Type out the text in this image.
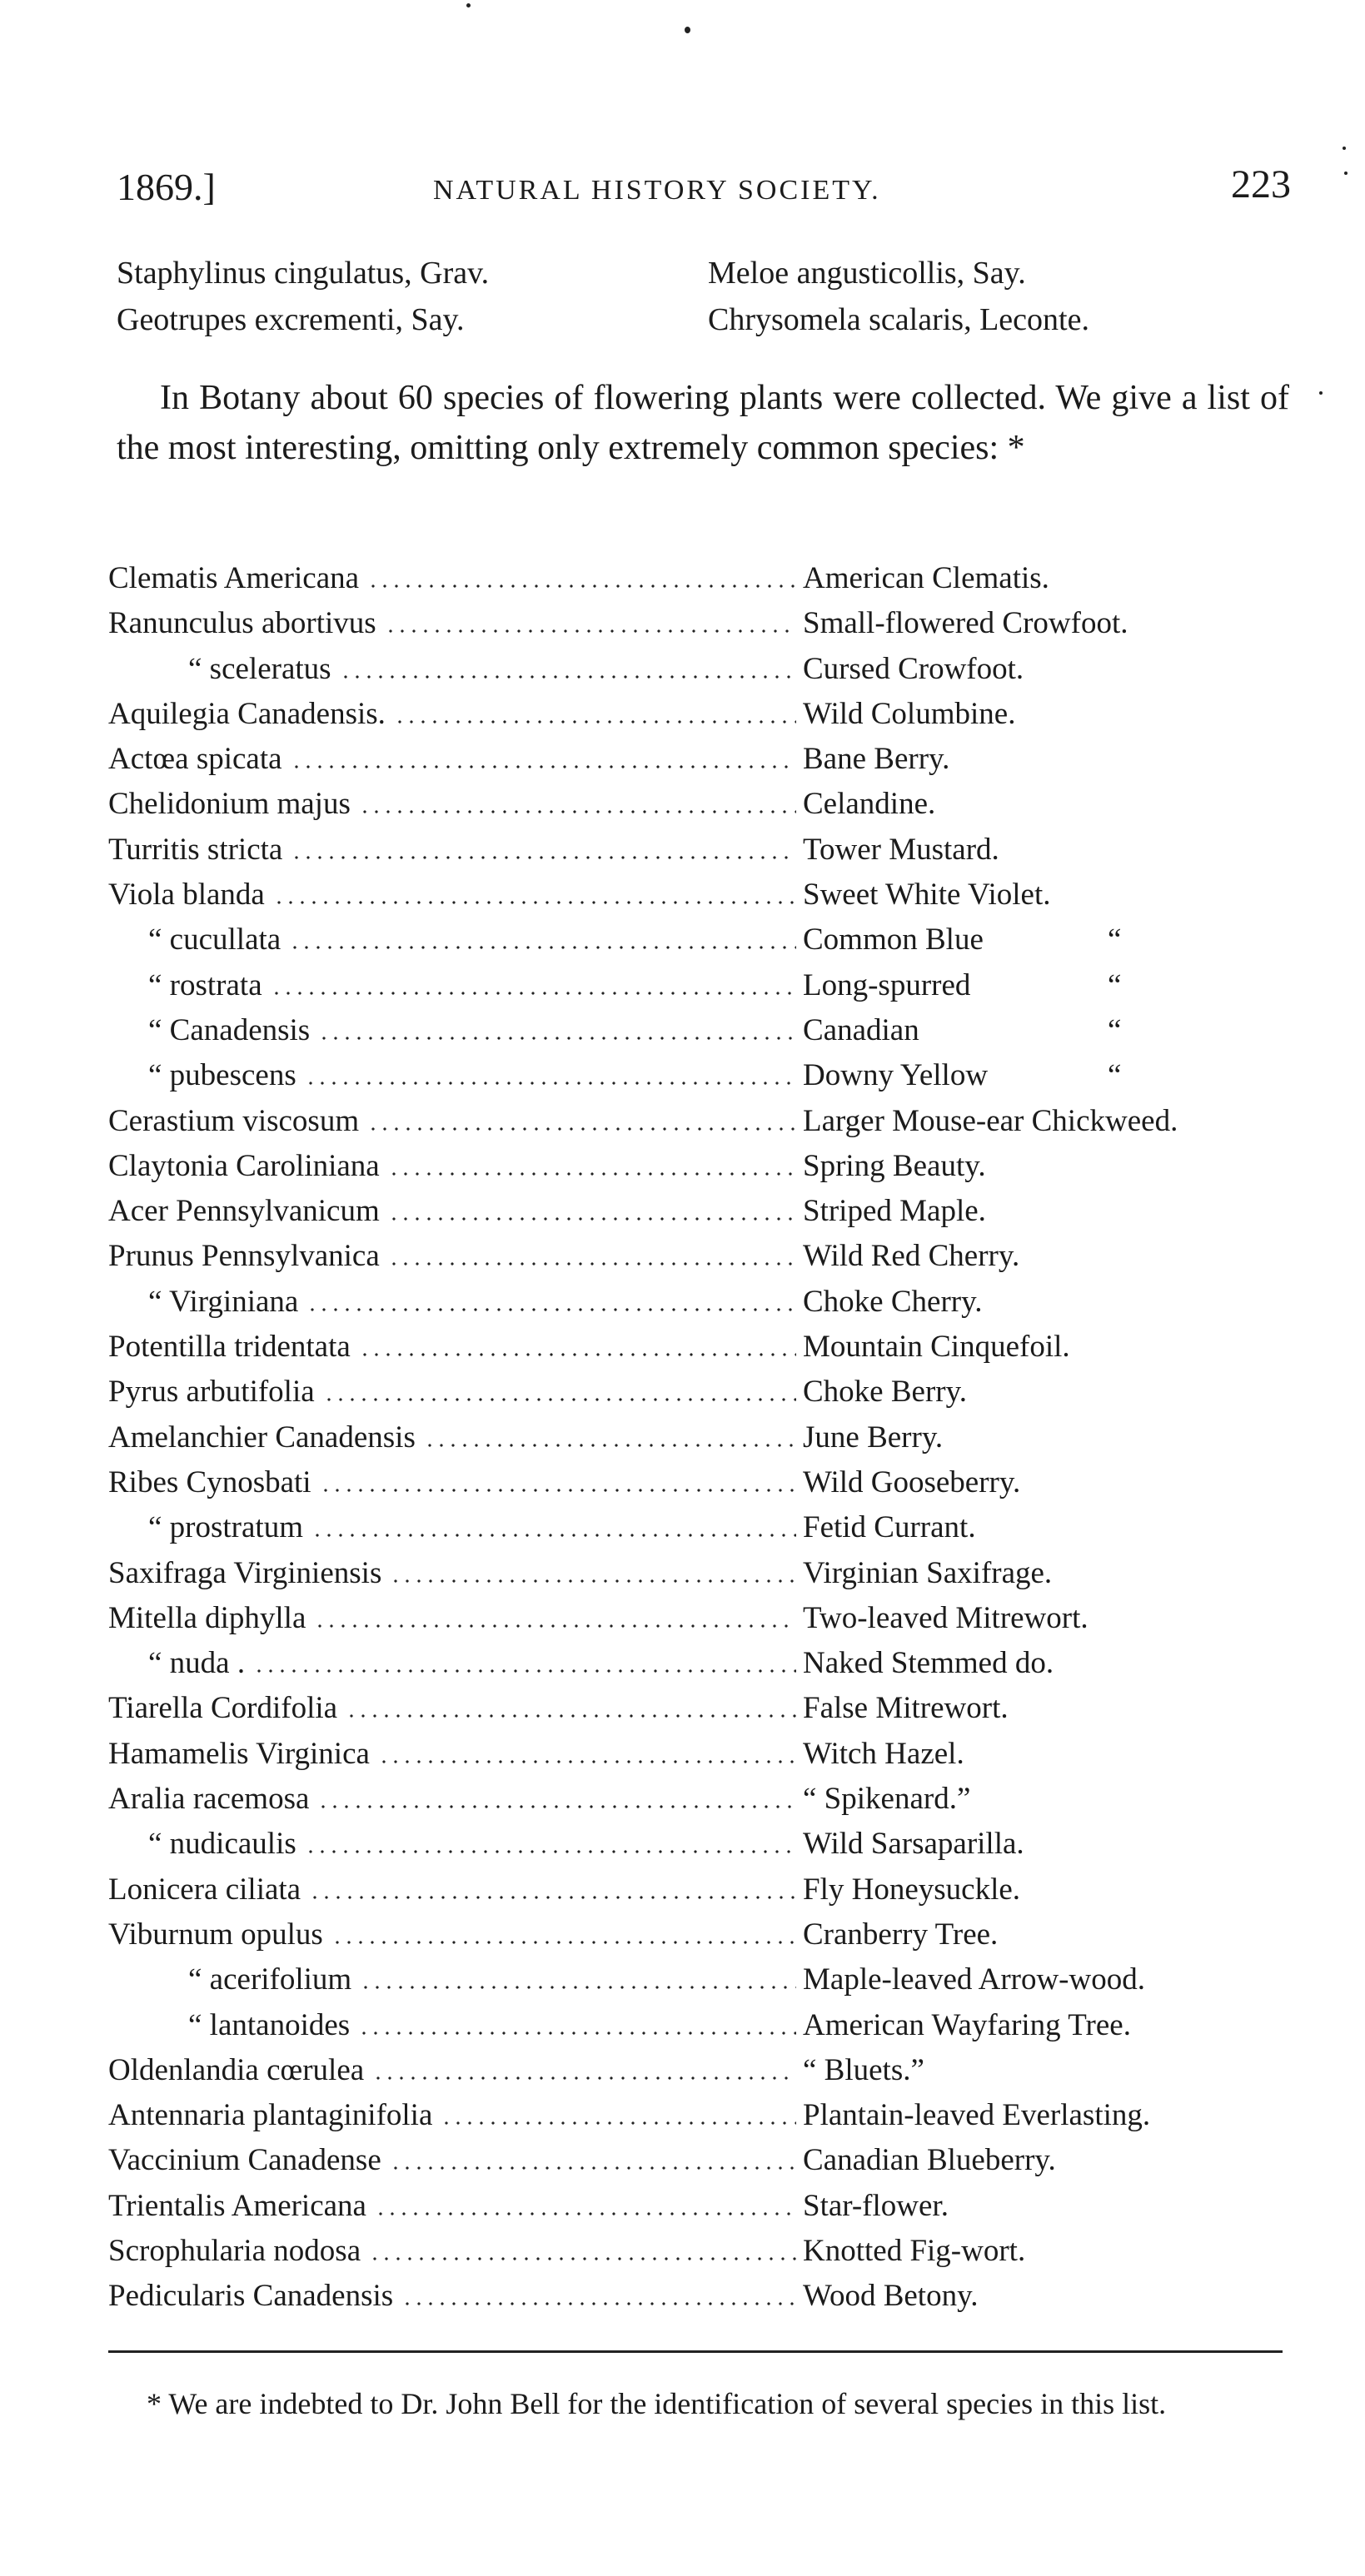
1869.]	NATURAL HISTORY SOCIETY.	223
Staphylinus cingulatus, Grav.	Meloe angusticollis, Say.
Geotrupes excrementi, Say.	Chrysomela scalaris, Leconte.
In Botany about 60 species of flowering plants were collected. We give a list of the most interesting, omitting only extremely common species: *
Clematis Americana	American Clematis.
Ranunculus abortivus	Small-flowered Crowfoot.
“ sceleratus	Cursed Crowfoot.
Aquilegia Canadensis.	Wild Columbine.
Actœa spicata	Bane Berry.
Chelidonium majus	Celandine.
Turritis stricta	Tower Mustard.
Viola blanda	Sweet White Violet.
“ cucullata	Common Blue	“
“ rostrata	Long-spurred	“
“ Canadensis	Canadian	“
“ pubescens	Downy Yellow	“
Cerastium viscosum	Larger Mouse-ear Chickweed.
Claytonia Caroliniana	Spring Beauty.
Acer Pennsylvanicum	Striped Maple.
Prunus Pennsylvanica	Wild Red Cherry.
“ Virginiana	Choke Cherry.
Potentilla tridentata	Mountain Cinquefoil.
Pyrus arbutifolia	Choke Berry.
Amelanchier Canadensis	June Berry.
Ribes Cynosbati	Wild Gooseberry.
“ prostratum	Fetid Currant.
Saxifraga Virginiensis	Virginian Saxifrage.
Mitella diphylla	Two-leaved Mitrewort.
“ nuda .	Naked Stemmed do.
Tiarella Cordifolia	False Mitrewort.
Hamamelis Virginica	Witch Hazel.
Aralia racemosa	“ Spikenard.”
“ nudicaulis	Wild Sarsaparilla.
Lonicera ciliata	Fly Honeysuckle.
Viburnum opulus	Cranberry Tree.
“ acerifolium	Maple-leaved Arrow-wood.
“ lantanoides	American Wayfaring Tree.
Oldenlandia cœrulea	“ Bluets.”
Antennaria plantaginifolia	Plantain-leaved Everlasting.
Vaccinium Canadense	Canadian Blueberry.
Trientalis Americana	Star-flower.
Scrophularia nodosa	Knotted Fig-wort.
Pedicularis Canadensis	Wood Betony.

* We are indebted to Dr. John Bell for the identification of several species in this list.
